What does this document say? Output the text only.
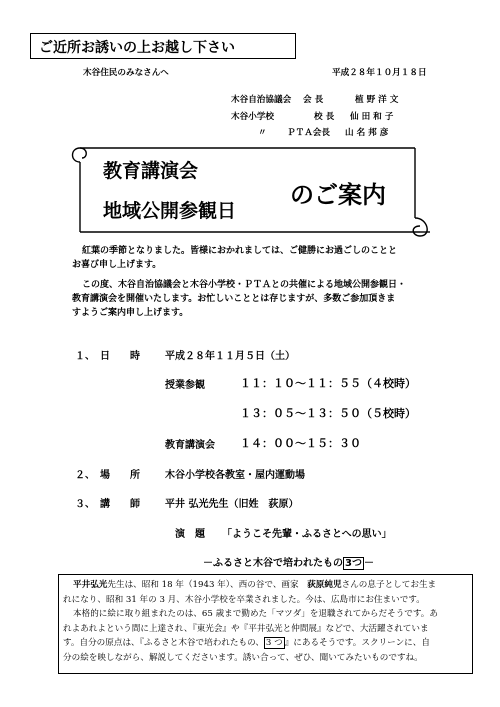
ご近所お誘いの上お越し下さい
木谷住民のみなさんへ	平成２８年１０月１８日
木谷自治協議会 会 長	植 野 洋 文
木谷小学校	校 長 仙 田 和 子
〃 ＰＴＡ会長 山 名 邦 彦
教育講演会
地域公開参観日
のご案内
紅葉の季節となりました。皆様におかれましては、ご健勝にお過ごしのことと
お喜び申し上げます。
この度、木谷自治協議会と木谷小学校・ＰＴＡとの共催による地域公開参観日・
教育講演会を開催いたします。お忙しいこととは存じますが、多数ご参加頂きま
すようご案内申し上げます。
１、 日　　時	平成２８年１１月５日（土）
授業参観	１１：１０～１１：５５（４校時）
１３：０５～１３：５０（５校時）
教育講演会 １４：００～１５：３０
２、 場　　所	木谷小学校各教室・屋内運動場
３、 講　　師	平井 弘光先生（旧姓　荻原）
演　題 「ようこそ先輩・ふるさとへの思い」
－ふるさと木谷で培われたもの 3つ －
平井弘光先生は、昭和 18 年（1943 年）、西の谷で、画家　荻原純児さんの息子としてお生ま
れになり、昭和 31 年の 3 月、木谷小学校を卒業されました。今は、広島市にお住まいです。
本格的に絵に取り組まれたのは、65 歳まで勤めた「マツダ」を退職されてからだそうです。あ
れよあれよという間に上達され、『東光会』や『平井弘光と仲間展』などで、大活躍されていま
す。自分の原点は、『ふるさと木谷で培われたもの、 3 つ 』にあるそうです。スクリーンに、自
分の絵を映しながら、解説してくださいます。誘い合って、ぜひ、聞いてみたいものですね。
